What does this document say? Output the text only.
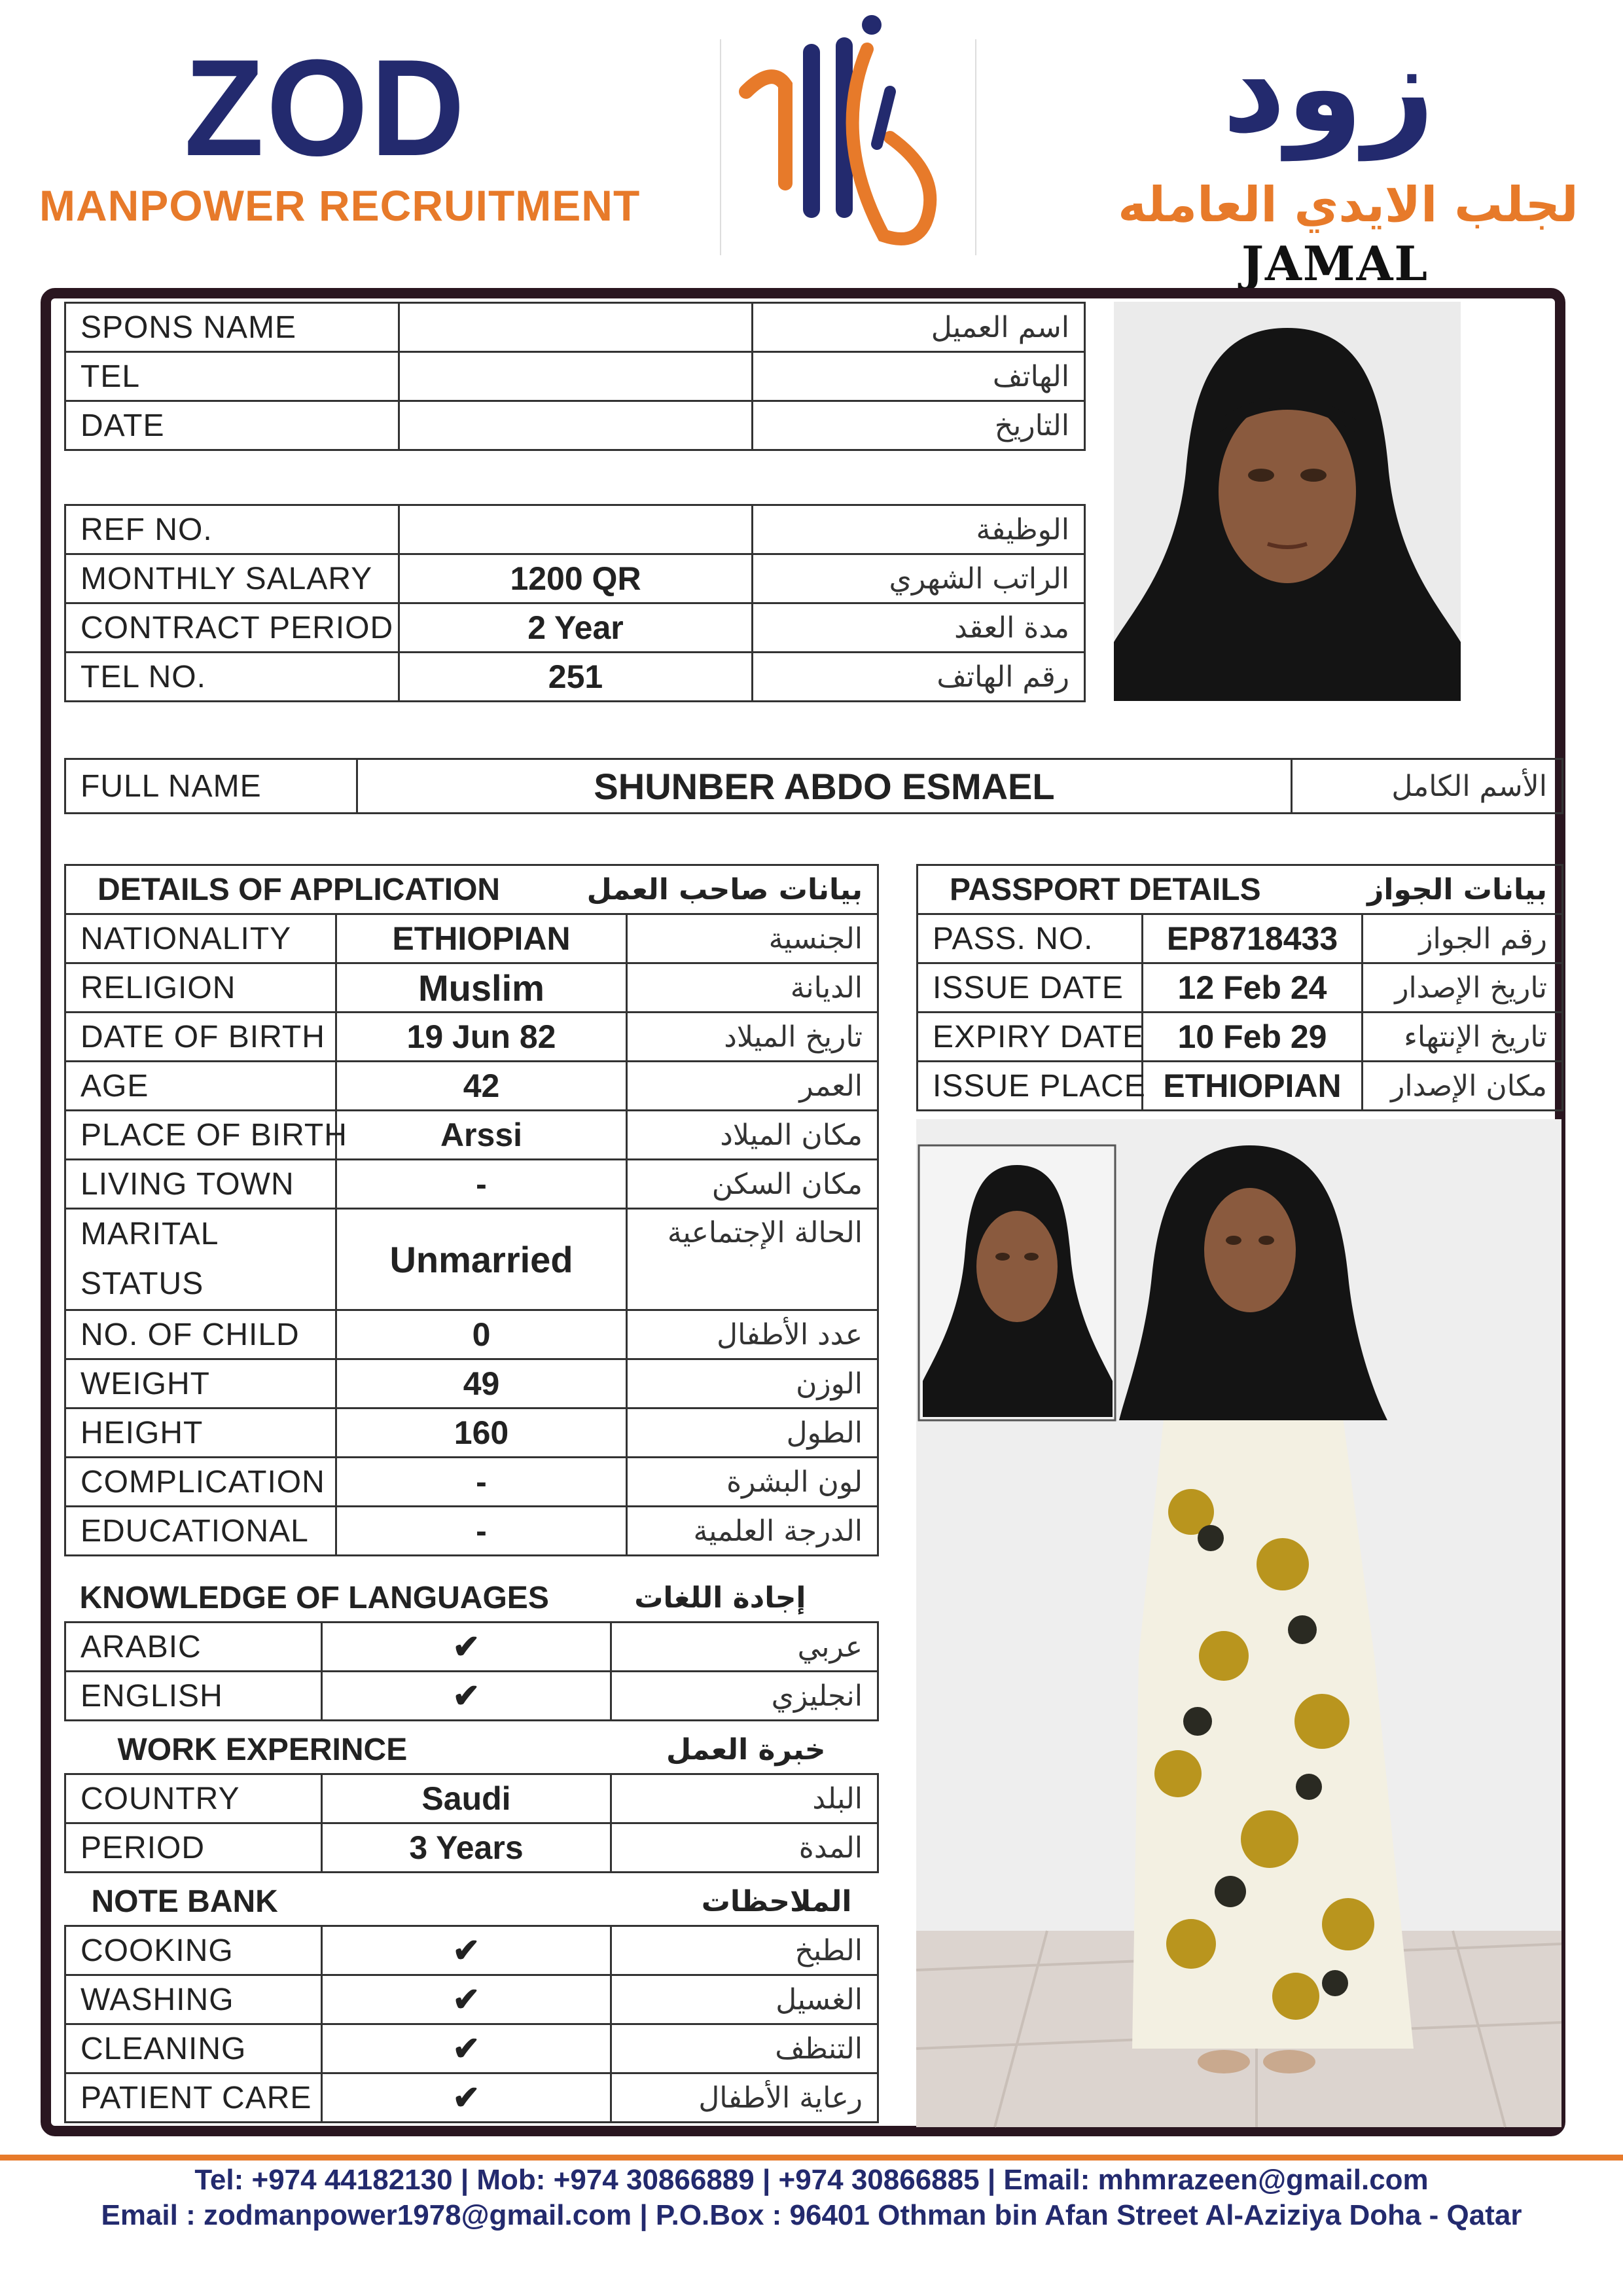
ZOD
MANPOWER RECRUITMENT
زود
لجلب الايدي العامله
JAMAL
SPONS NAME		اسم العميل
TEL		الهاتف
DATE		التاريخ
REF NO.		الوظيفة
MONTHLY SALARY	1200 QR	الراتب الشهري
CONTRACT PERIOD	2 Year	مدة العقد
TEL NO.	251	رقم الهاتف
FULL NAME	SHUNBER ABDO ESMAEL	الأسم الكامل
DETAILS OF APPLICATION		بيانات صاحب العمل
NATIONALITY	ETHIOPIAN	الجنسية
RELIGION	Muslim	الديانة
DATE OF BIRTH	19 Jun 82	تاريخ الميلاد
AGE	42	العمر
PLACE OF BIRTH	Arssi	مكان الميلاد
LIVING TOWN	-	مكان السكن
MARITAL STATUS	Unmarried	الحالة الإجتماعية
NO. OF CHILD	0	عدد الأطفال
WEIGHT	49	الوزن
HEIGHT	160	الطول
COMPLICATION	-	لون البشرة
EDUCATIONAL	-	الدرجة العلمية
KNOWLEDGE OF LANGUAGES		إجادة اللغات
ARABIC	✔	عربي
ENGLISH	✔	انجليزي
WORK EXPERINCE		خبرة العمل
COUNTRY	Saudi	البلد
PERIOD	3 Years	المدة
NOTE BANK		الملاحظات
COOKING	✔	الطبخ
WASHING	✔	الغسيل
CLEANING	✔	التنظف
PATIENT CARE	✔	رعاية الأطفال
PASSPORT DETAILS		بيانات الجواز
PASS. NO.	EP8718433	رقم الجواز
ISSUE DATE	12 Feb 24	تاريخ الإصدار
EXPIRY DATE	10 Feb 29	تاريخ الإنتهاء
ISSUE PLACE	ETHIOPIAN	مكان الإصدار
Tel: +974 44182130 | Mob: +974 30866889 | +974 30866885 | Email: mhmrazeen@gmail.com
Email : zodmanpower1978@gmail.com | P.O.Box : 96401 Othman bin Afan Street Al-Aziziya Doha - Qatar
